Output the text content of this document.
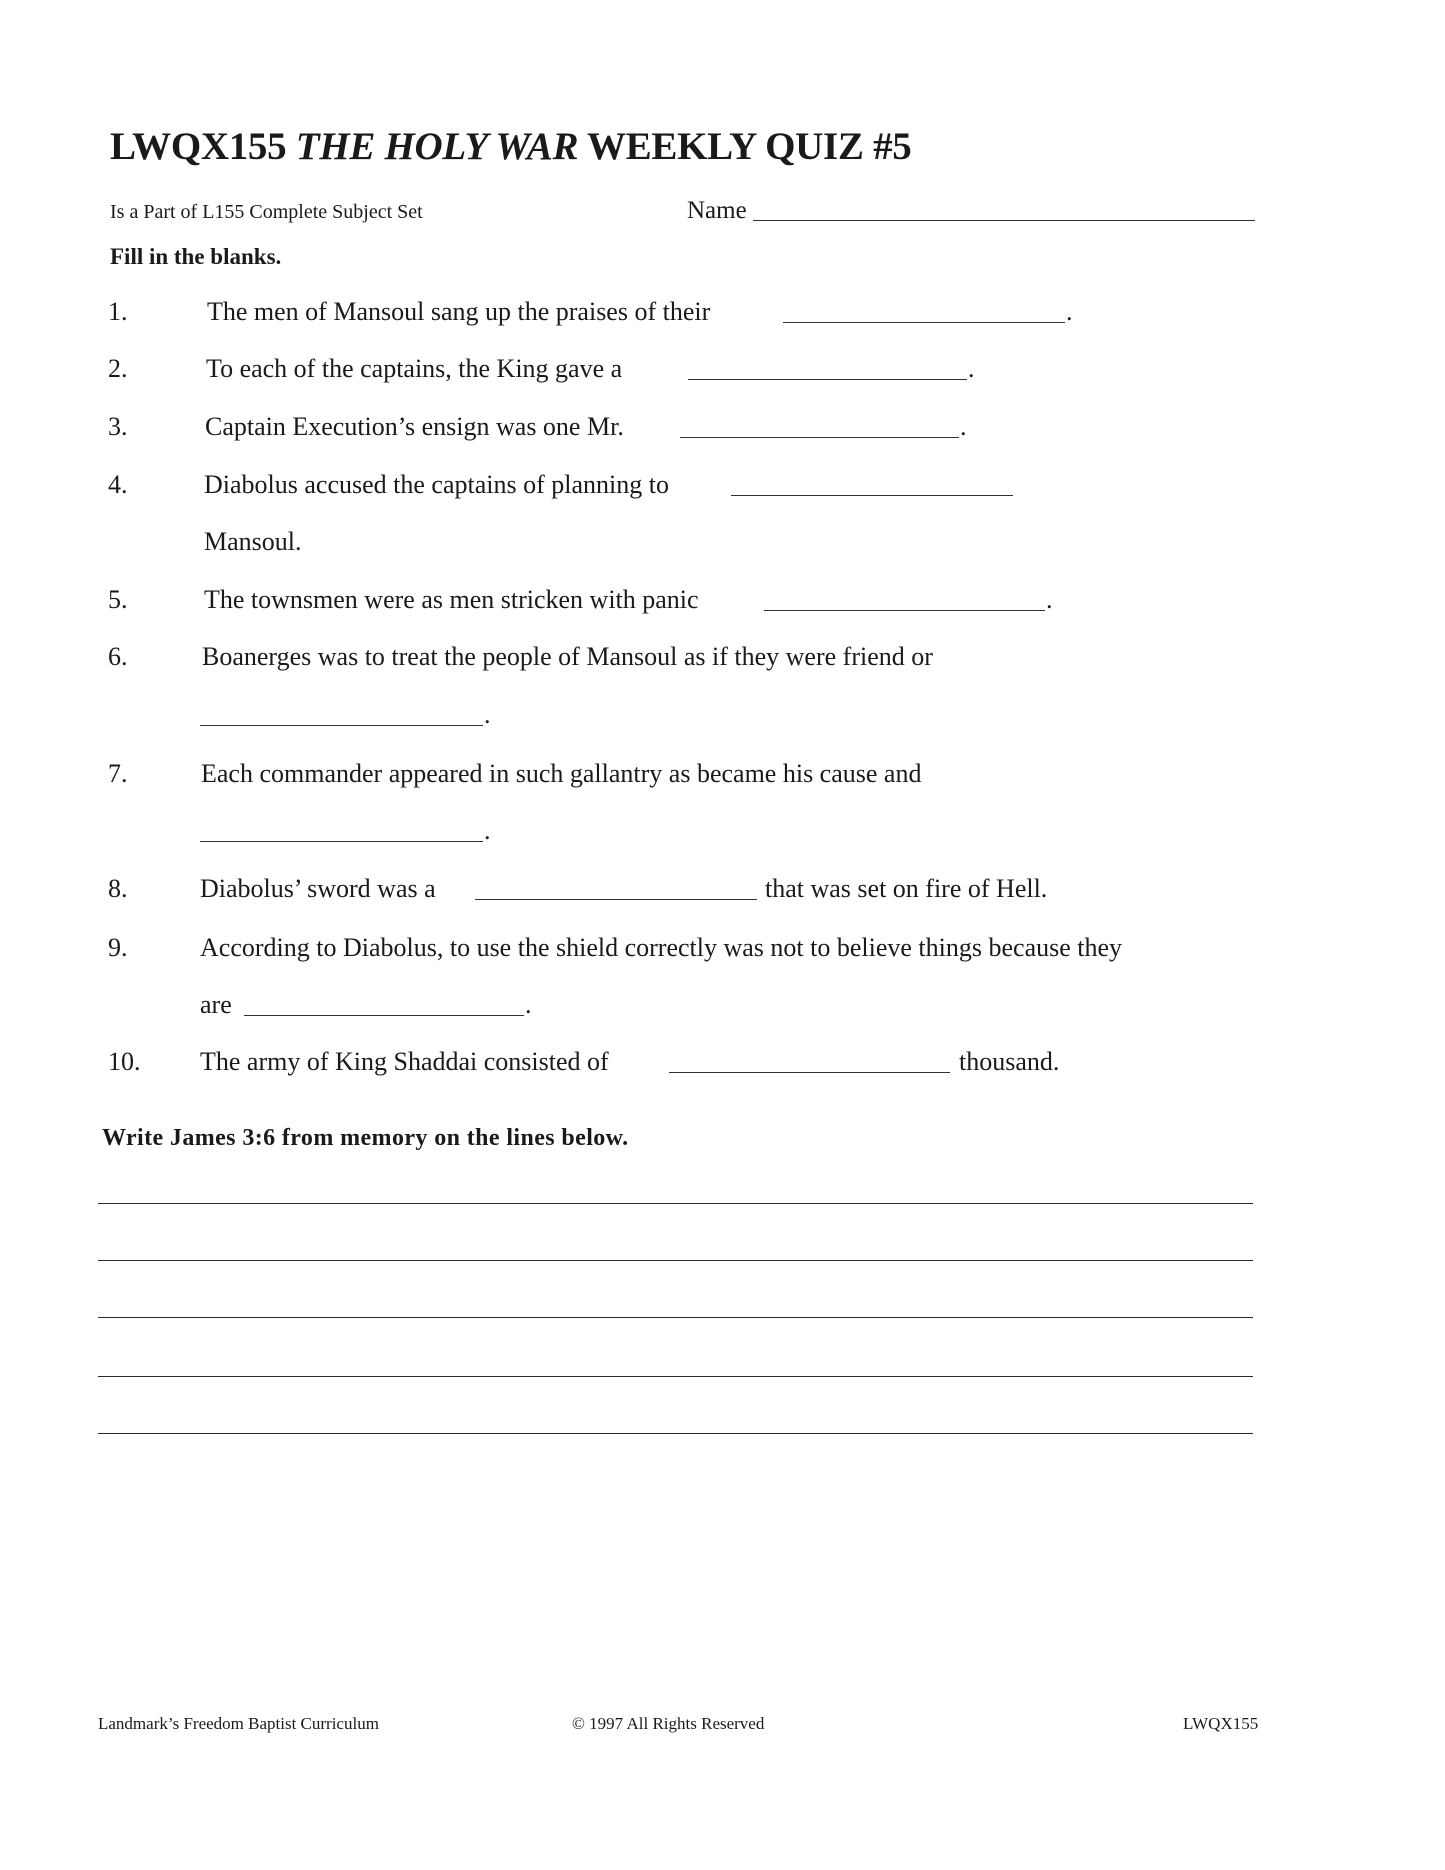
LWQX155 THE HOLY WAR WEEKLY QUIZ #5
Is a Part of L155 Complete Subject Set	Name
Fill in the blanks.
1.	The men of Mansoul sang up the praises of their	.
2.	To each of the captains, the King gave a	.
3.	Captain Execution’s ensign was one Mr.	.
4.	Diabolus accused the captains of planning to
Mansoul.
5.	The townsmen were as men stricken with panic	.
6.	Boanerges was to treat the people of Mansoul as if they were friend or
.
7.	Each commander appeared in such gallantry as became his cause and
.
8.	Diabolus’ sword was a	that was set on fire of Hell.
9.	According to Diabolus, to use the shield correctly was not to believe things because they
are	.
10. The army of King Shaddai consisted of	thousand.
Write James 3:6 from memory on the lines below.
Landmark’s Freedom Baptist Curriculum	© 1997 All Rights Reserved	LWQX155
